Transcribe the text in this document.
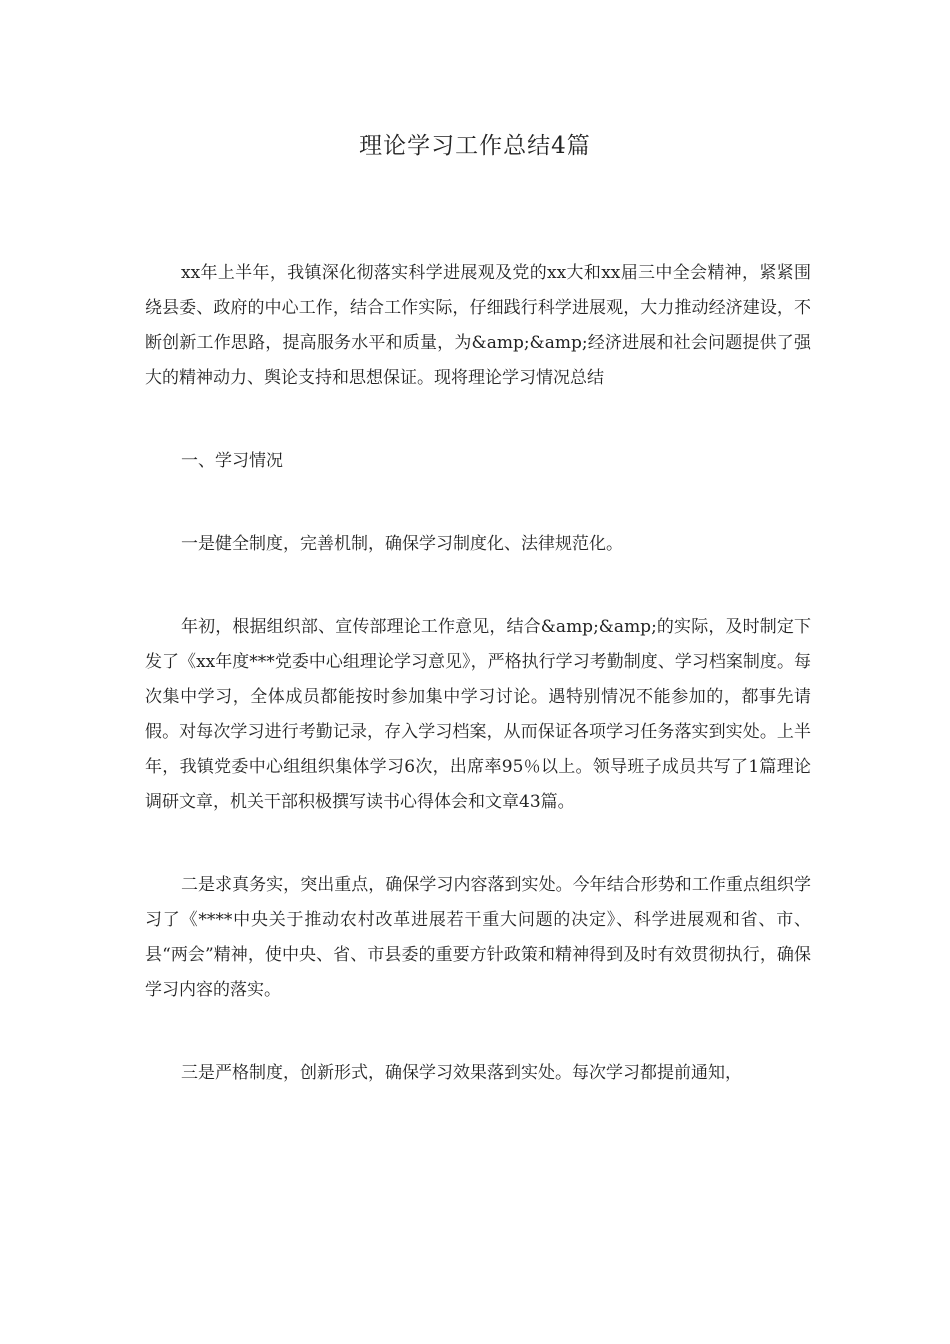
理论学习工作总结4篇

xx年上半年，我镇深化彻落实科学进展观及党的xx大和xx届三中全会精神，紧紧围绕县委、政府的中心工作，结合工作实际，仔细践行科学进展观，大力推动经济建设，不断创新工作思路，提高服务水平和质量，为&amp;&amp;经济进展和社会问题提供了强大的精神动力、舆论支持和思想保证。现将理论学习情况总结

一、学习情况

一是健全制度，完善机制，确保学习制度化、法律规范化。

年初，根据组织部、宣传部理论工作意见，结合&amp;&amp;的实际，及时制定下发了《xx年度***党委中心组理论学习意见》，严格执行学习考勤制度、学习档案制度。每次集中学习，全体成员都能按时参加集中学习讨论。遇特别情况不能参加的，都事先请假。对每次学习进行考勤记录，存入学习档案，从而保证各项学习任务落实到实处。上半年，我镇党委中心组组织集体学习6次，出席率95％以上。领导班子成员共写了1篇理论调研文章，机关干部积极撰写读书心得体会和文章43篇。

二是求真务实，突出重点，确保学习内容落到实处。今年结合形势和工作重点组织学习了《****中央关于推动农村改革进展若干重大问题的决定》、科学进展观和省、市、县“两会”精神，使中央、省、市县委的重要方针政策和精神得到及时有效贯彻执行，确保学习内容的落实。

三是严格制度，创新形式，确保学习效果落到实处。每次学习都提前通知，
